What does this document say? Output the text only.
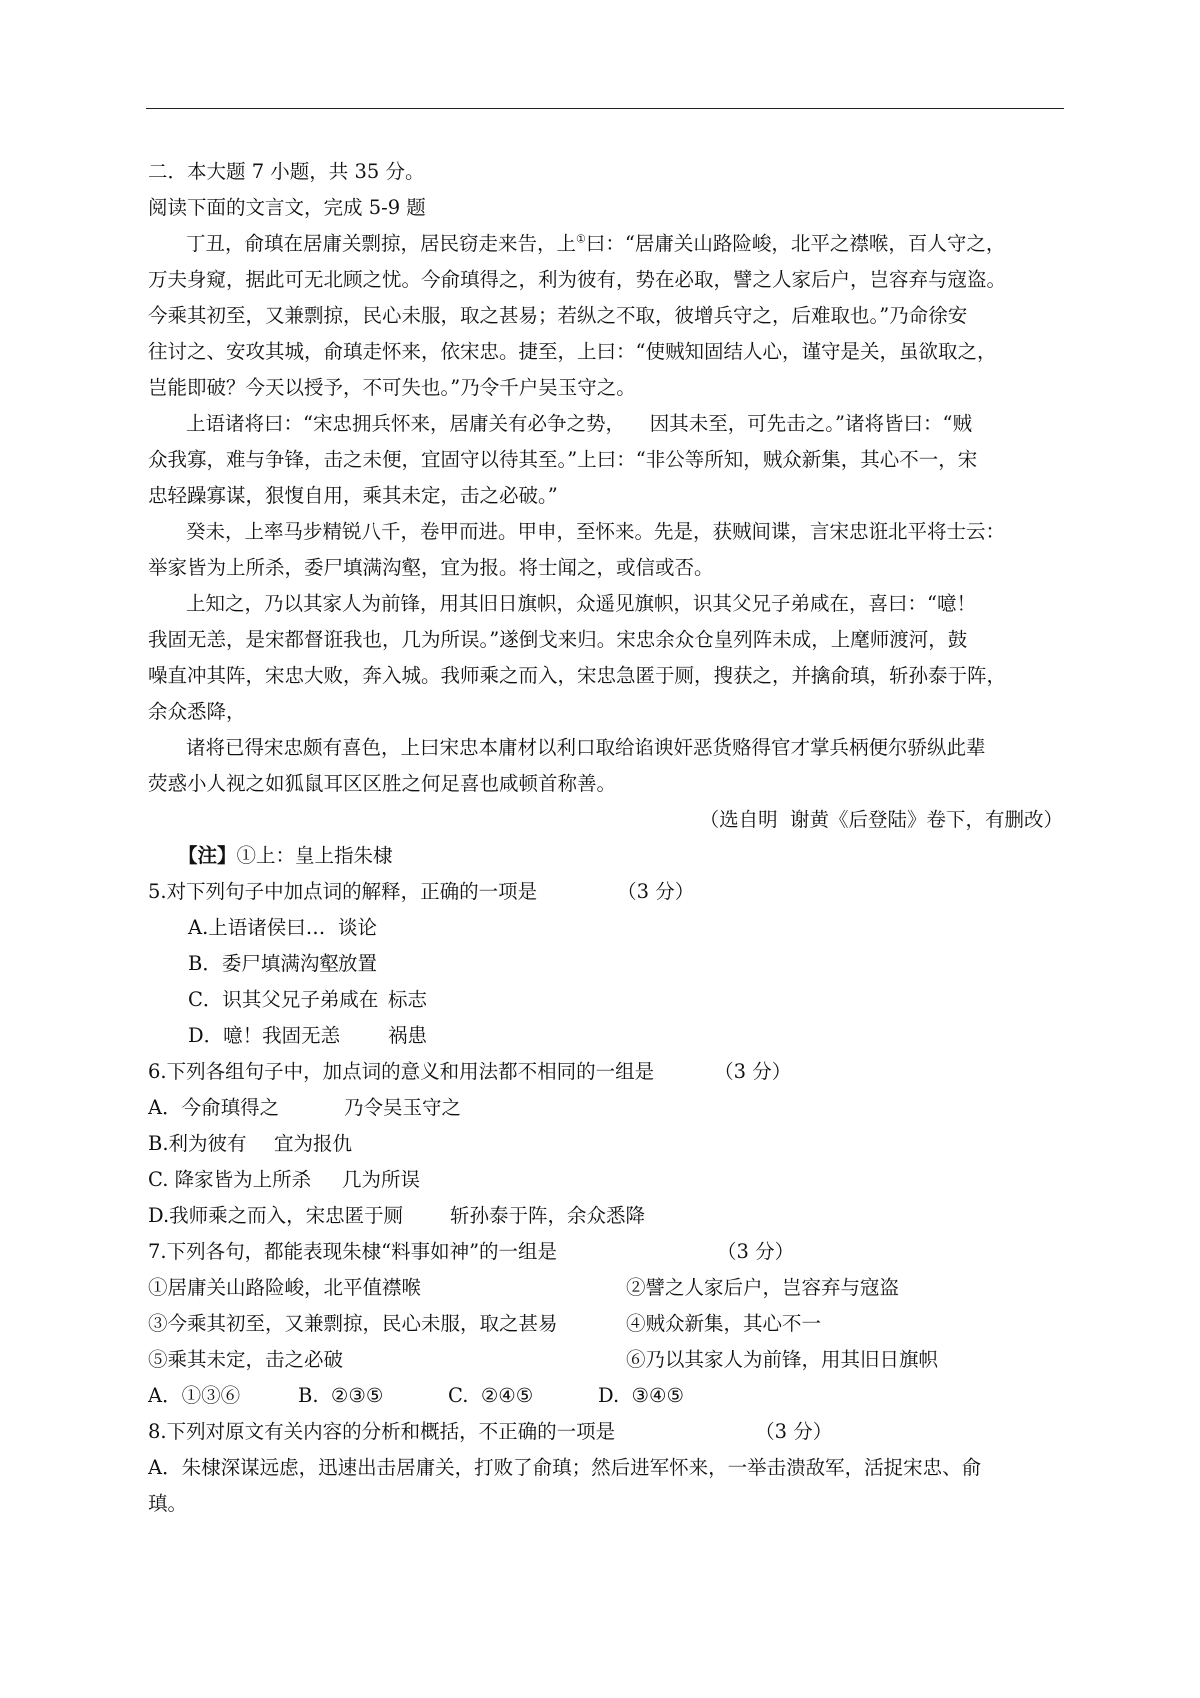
二．本大题 7 小题，共 35 分。
阅读下面的文言文，完成 5-9 题
丁丑，俞瑱在居庸关剽掠，居民窃走来告，上①曰：“居庸关山路险峻，北平之襟喉，百人守之，
万夫身窥，据此可无北顾之忧。今俞瑱得之，利为彼有，势在必取，譬之人家后户，岂容弃与寇盗。
今乘其初至，又兼剽掠，民心未服，取之甚易；若纵之不取，彼增兵守之，后难取也。”乃命徐安
往讨之、安攻其城，俞瑱走怀来，依宋忠。捷至，上曰：“使贼知固结人心，谨守是关，虽欲取之，
岂能即破？今天以授予，不可失也。”乃令千户吴玉守之。
上语诸将曰：“宋忠拥兵怀来，居庸关有必争之势，    因其未至，可先击之。”诸将皆曰：“贼
众我寡，难与争锋，击之未便，宜固守以待其至。”上曰：“非公等所知，贼众新集，其心不一，宋
忠轻躁寡谋，狠愎自用，乘其未定，击之必破。”
癸未，上率马步精锐八千，卷甲而进。甲申，至怀来。先是，获贼间谍，言宋忠诳北平将士云：
举家皆为上所杀，委尸填满沟壑，宜为报。将士闻之，或信或否。
上知之，乃以其家人为前锋，用其旧日旗帜，众遥见旗帜，识其父兄子弟咸在，喜曰：“噫！
我固无恙，是宋都督诳我也，几为所误。”遂倒戈来归。宋忠余众仓皇列阵未成，上麾师渡河，鼓
噪直冲其阵，宋忠大败，奔入城。我师乘之而入，宋忠急匿于厕，搜获之，并擒俞瑱，斩孙泰于阵，
余众悉降，
诸将已得宋忠颇有喜色，上曰宋忠本庸材以利口取给谄谀奸恶货赂得官才掌兵柄便尔骄纵此辈
荧惑小人视之如狐鼠耳区区胜之何足喜也咸顿首称善。
（选自明  谢黄《后登陆》卷下，有删改）
【注】①上：皇上指朱棣
5.对下列句子中加点词的解释，正确的一项是	（3 分）
A.上语诸侯曰… 谈论
B．委尸填满沟壑放置
C．识其父兄子弟咸在 标志
D．噫！我固无恙 祸患
6.下列各组句子中，加点词的意义和用法都不相同的一组是	（3 分）
A．今俞瑱得之	乃令吴玉守之
B.利为彼有 宜为报仇
C. 降家皆为上所杀 几为所误
D.我师乘之而入，宋忠匿于厕 斩孙泰于阵，余众悉降
7.下列各句，都能表现朱棣“料事如神”的一组是	（3 分）
①居庸关山路险峻，北平值襟喉	②譬之人家后户，岂容弃与寇盗
③今乘其初至，又兼剽掠，民心未服，取之甚易	④贼众新集，其心不一
⑤乘其未定，击之必破	⑥乃以其家人为前锋，用其旧日旗帜
A．①③⑥	B.  ②③⑤	C.  ②④⑤	D.  ③④⑤
8.下列对原文有关内容的分析和概括，不正确的一项是	（3 分）
A．朱棣深谋远虑，迅速出击居庸关，打败了俞瑱；然后进军怀来，一举击溃敌军，活捉宋忠、俞
瑱。
